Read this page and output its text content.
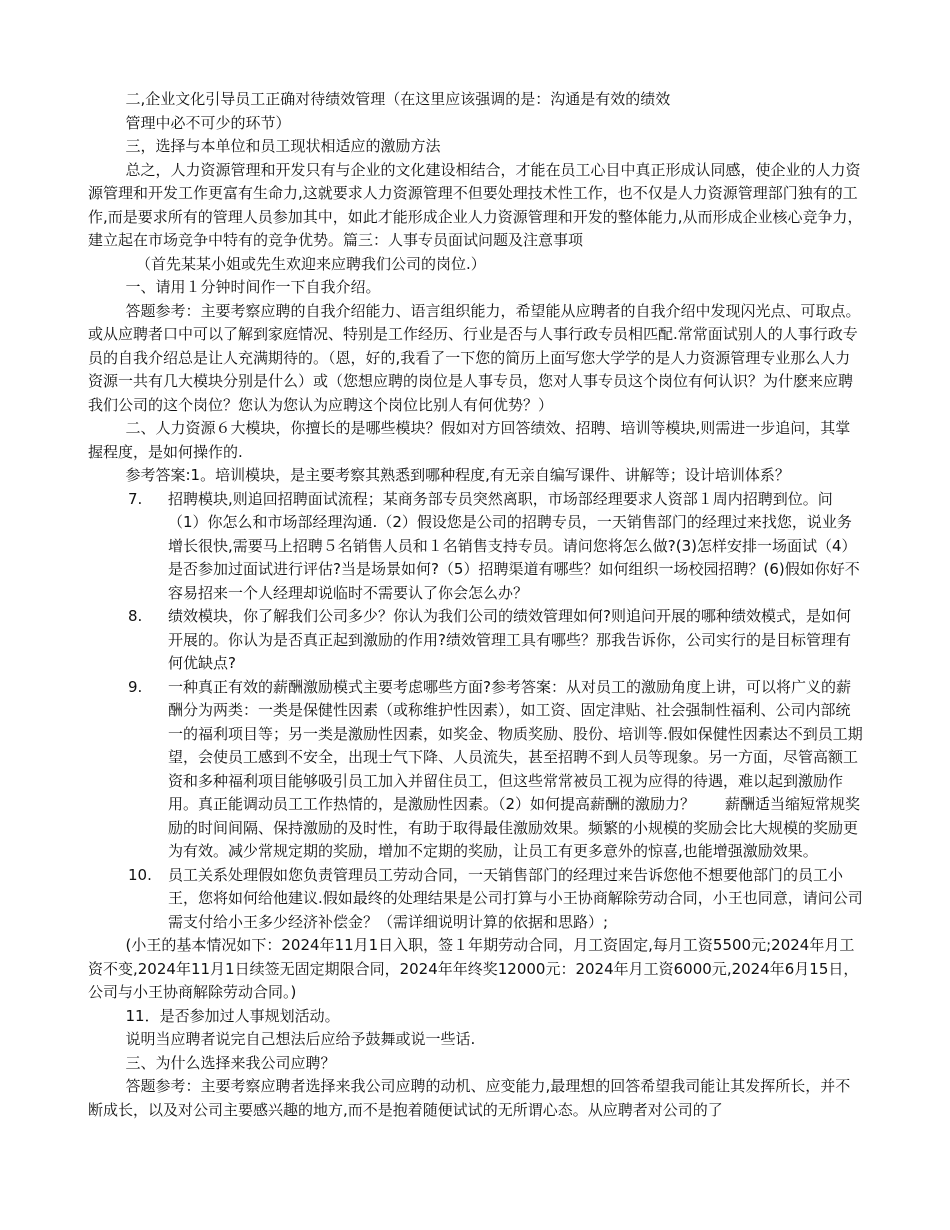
二,企业文化引导员工正确对待绩效管理（在这里应该强调的是：沟通是有效的绩效

管理中必不可少的环节）

三，选择与本单位和员工现状相适应的激励方法

总之，人力资源管理和开发只有与企业的文化建设相结合，才能在员工心目中真正形成认同感，使企业的人力资源管理和开发工作更富有生命力,这就要求人力资源管理不但要处理技术性工作，也不仅是人力资源管理部门独有的工作,而是要求所有的管理人员参加其中，如此才能形成企业人力资源管理和开发的整体能力,从而形成企业核心竞争力，建立起在市场竞争中特有的竞争优势。篇三：人事专员面试问题及注意事项

（首先某某小姐或先生欢迎来应聘我们公司的岗位.）

一、请用１分钟时间作一下自我介绍。

答题参考：主要考察应聘的自我介绍能力、语言组织能力，希望能从应聘者的自我介绍中发现闪光点、可取点。或从应聘者口中可以了解到家庭情况、特别是工作经历、行业是否与人事行政专员相匹配.常常面试别人的人事行政专员的自我介绍总是让人充满期待的。（恩，好的,我看了一下您的简历上面写您大学学的是人力资源管理专业那么人力资源一共有几大模块分别是什么）或（您想应聘的岗位是人事专员，您对人事专员这个岗位有何认识？为什麽来应聘我们公司的这个岗位？您认为您认为应聘这个岗位比别人有何优势？）

二、人力资源６大模块，你擅长的是哪些模块？假如对方回答绩效、招聘、培训等模块,则需进一步追问，其掌握程度，是如何操作的.

参考答案:1。培训模块，是主要考察其熟悉到哪种程度,有无亲自编写课件、讲解等；设计培训体系？

7. 招聘模块,则追回招聘面试流程；某商务部专员突然离职，市场部经理要求人资部１周内招聘到位。问（1）你怎么和市场部经理沟通.（2）假设您是公司的招聘专员，一天销售部门的经理过来找您，说业务增长很快,需要马上招聘５名销售人员和１名销售支持专员。请问您将怎么做?(3)怎样安排一场面试（4）是否参加过面试进行评估?当是场景如何?（5）招聘渠道有哪些？如何组织一场校园招聘？(6)假如你好不容易招来一个人经理却说临时不需要认了你会怎么办？
8. 绩效模块，你了解我们公司多少？你认为我们公司的绩效管理如何?则追问开展的哪种绩效模式，是如何开展的。你认为是否真正起到激励的作用?绩效管理工具有哪些？那我告诉你，公司实行的是目标管理有何优缺点?
9. 一种真正有效的薪酬激励模式主要考虑哪些方面?参考答案：从对员工的激励角度上讲，可以将广义的薪酬分为两类：一类是保健性因素（或称维护性因素），如工资、固定津贴、社会强制性福利、公司内部统一的福利项目等；另一类是激励性因素，如奖金、物质奖励、股份、培训等.假如保健性因素达不到员工期望，会使员工感到不安全，出现士气下降、人员流失，甚至招聘不到人员等现象。另一方面，尽管高额工资和多种福利项目能够吸引员工加入并留住员工，但这些常常被员工视为应得的待遇，难以起到激励作用。真正能调动员工工作热情的，是激励性因素。（2）如何提高薪酬的激励力？　　薪酬适当缩短常规奖励的时间间隔、保持激励的及时性，有助于取得最佳激励效果。频繁的小规模的奖励会比大规模的奖励更为有效。减少常规定期的奖励，增加不定期的奖励，让员工有更多意外的惊喜,也能增强激励效果。
10. 员工关系处理假如您负责管理员工劳动合同，一天销售部门的经理过来告诉您他不想要他部门的员工小王，您将如何给他建议.假如最终的处理结果是公司打算与小王协商解除劳动合同，小王也同意，请问公司需支付给小王多少经济补偿金？（需详细说明计算的依据和思路）;

(小王的基本情况如下：2024年11月1日入职，签１年期劳动合同，月工资固定,每月工资5500元;2024年月工资不变,2024年11月1日续签无固定期限合同，2024年年终奖12000元：2024年月工资6000元,2024年6月15日，公司与小王协商解除劳动合同。)

11．是否参加过人事规划活动。

说明当应聘者说完自己想法后应给予鼓舞或说一些话.

三、为什么选择来我公司应聘？

答题参考：主要考察应聘者选择来我公司应聘的动机、应变能力,最理想的回答希望我司能让其发挥所长，并不断成长，以及对公司主要感兴趣的地方,而不是抱着随便试试的无所谓心态。从应聘者对公司的了
